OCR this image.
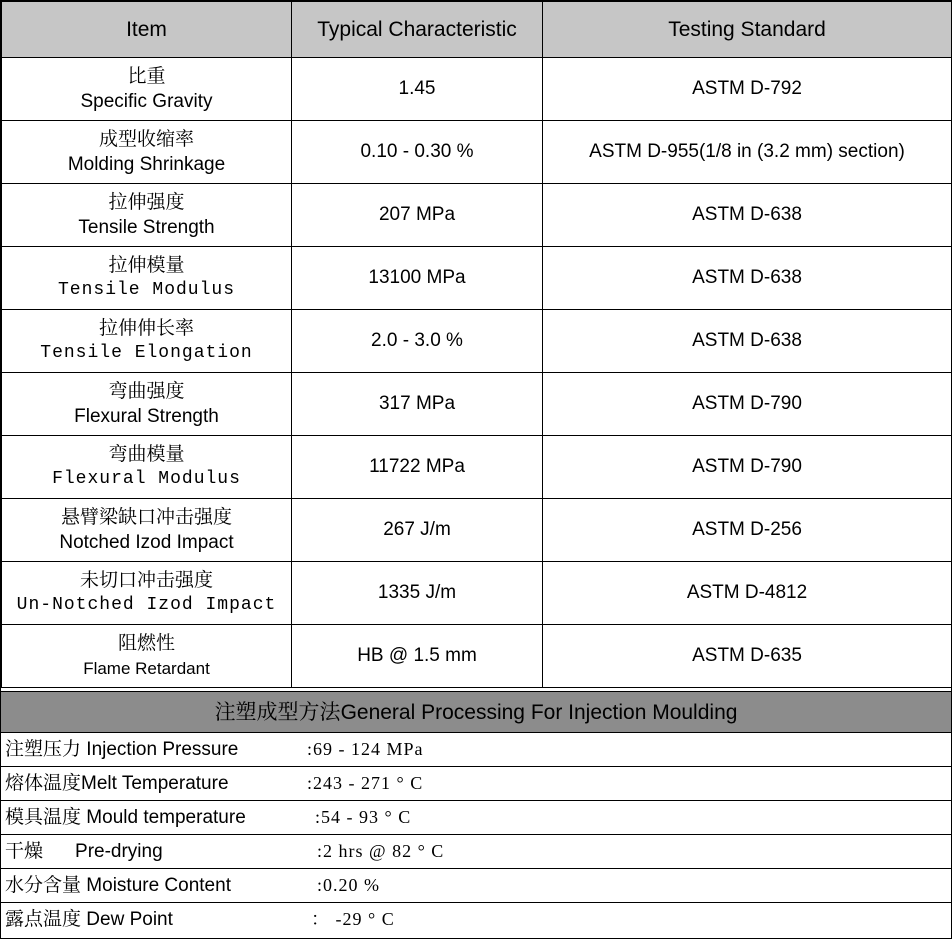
Item	Typical Characteristic	Testing Standard

比重
Specific Gravity	1.45	ASTM D-792

成型收缩率
Molding Shrinkage	0.10 - 0.30 %	ASTM D-955(1/8 in (3.2 mm) section)

拉伸强度
Tensile Strength	207 MPa	ASTM D-638

拉伸模量
Tensile Modulus	13100 MPa	ASTM D-638

拉伸伸长率
Tensile Elongation	2.0 - 3.0 %	ASTM D-638

弯曲强度
Flexural Strength	317 MPa	ASTM D-790

弯曲模量
Flexural Modulus	11722 MPa	ASTM D-790

悬臂梁缺口冲击强度
Notched Izod Impact	267 J/m	ASTM D-256

未切口冲击强度
Un-Notched Izod Impact	1335 J/m	ASTM D-4812

阻燃性
Flame Retardant	HB @ 1.5 mm	ASTM D-635
注塑成型方法General Processing For Injection Moulding
注塑压力 Injection Pressure	:69 - 124 MPa
熔体温度Melt Temperature	:243 - 271 ° C
模具温度 Mould temperature	:54 - 93 ° C
干燥 Pre-drying	:2 hrs @ 82 ° C
水分含量 Moisture Content	:0.20 %
露点温度 Dew Point	： -29 ° C
